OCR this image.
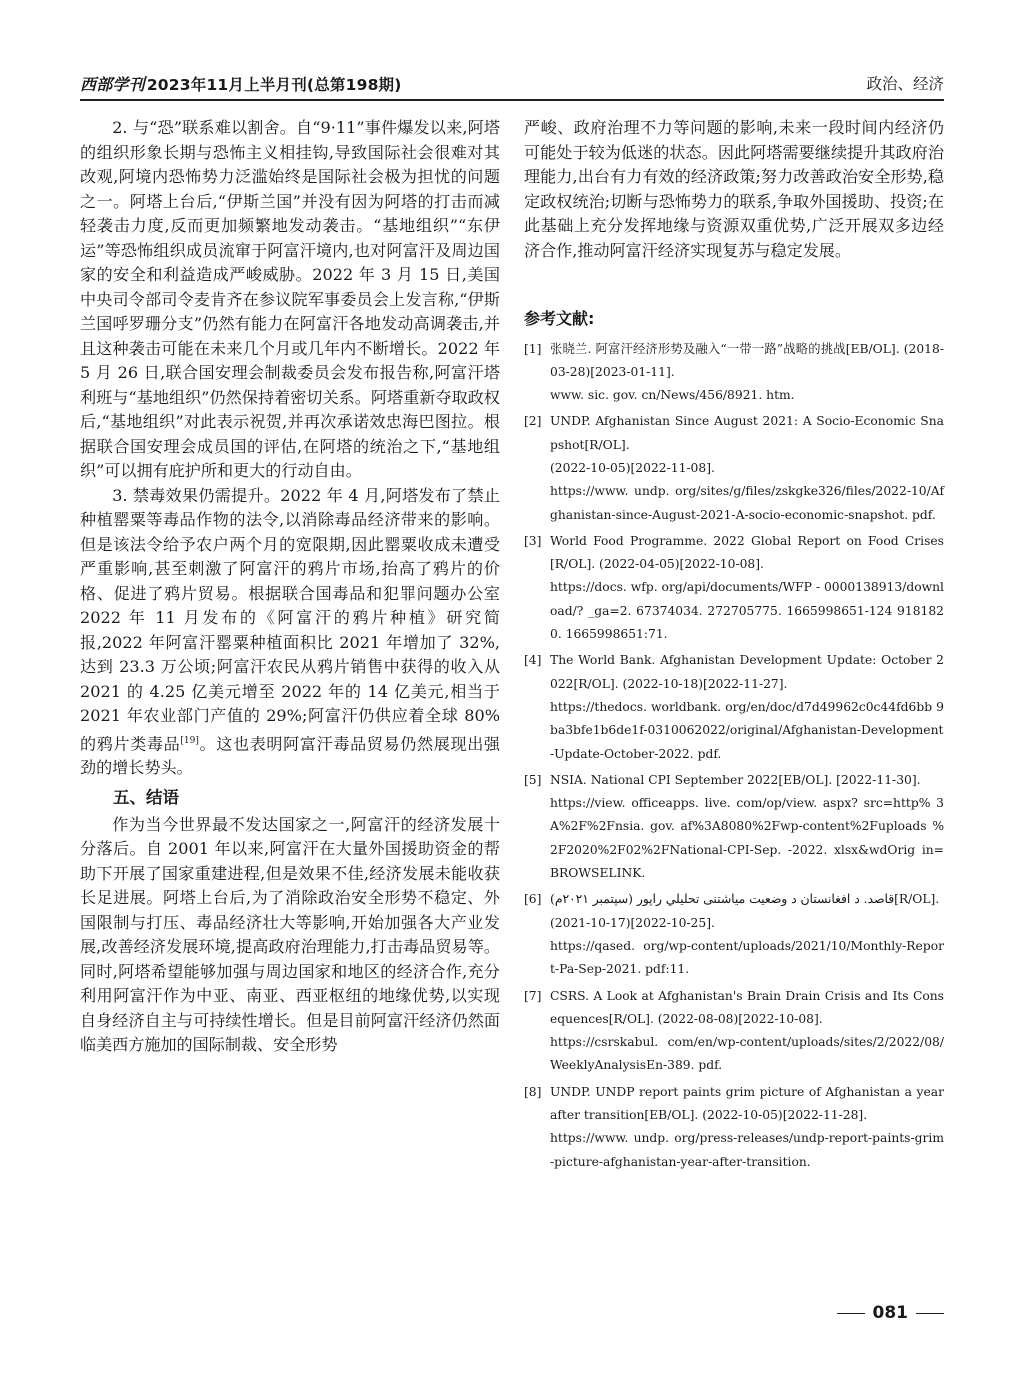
西部学刊 2023年11月上半月刊(总第198期)	政治、经济

2. 与“恐”联系难以割舍。自“9·11”事件爆发以来,阿塔的组织形象长期与恐怖主义相挂钩,导致国际社会很难对其改观,阿境内恐怖势力泛滥始终是国际社会极为担忧的问题之一。阿塔上台后,“伊斯兰国”并没有因为阿塔的打击而减轻袭击力度,反而更加频繁地发动袭击。“基地组织”“东伊运”等恐怖组织成员流窜于阿富汗境内,也对阿富汗及周边国家的安全和利益造成严峻威胁。2022 年 3 月 15 日,美国中央司令部司令麦肯齐在参议院军事委员会上发言称,“伊斯兰国呼罗珊分支”仍然有能力在阿富汗各地发动高调袭击,并且这种袭击可能在未来几个月或几年内不断增长。2022 年 5 月 26 日,联合国安理会制裁委员会发布报告称,阿富汗塔利班与“基地组织”仍然保持着密切关系。阿塔重新夺取政权后,“基地组织”对此表示祝贺,并再次承诺效忠海巴图拉。根据联合国安理会成员国的评估,在阿塔的统治之下,“基地组织”可以拥有庇护所和更大的行动自由。

3. 禁毒效果仍需提升。2022 年 4 月,阿塔发布了禁止种植罂粟等毒品作物的法令,以消除毒品经济带来的影响。但是该法令给予农户两个月的宽限期,因此罂粟收成未遭受严重影响,甚至刺激了阿富汗的鸦片市场,抬高了鸦片的价格、促进了鸦片贸易。根据联合国毒品和犯罪问题办公室 2022 年 11 月发布的《阿富汗的鸦片种植》研究简报,2022 年阿富汗罂粟种植面积比 2021 年增加了 32%,达到 23.3 万公顷;阿富汗农民从鸦片销售中获得的收入从 2021 的 4.25 亿美元增至 2022 年的 14 亿美元,相当于 2021 年农业部门产值的 29%;阿富汗仍供应着全球 80%的鸦片类毒品[19]。这也表明阿富汗毒品贸易仍然展现出强劲的增长势头。

五、结语

作为当今世界最不发达国家之一,阿富汗的经济发展十分落后。自 2001 年以来,阿富汗在大量外国援助资金的帮助下开展了国家重建进程,但是效果不佳,经济发展未能收获长足进展。阿塔上台后,为了消除政治安全形势不稳定、外国限制与打压、毒品经济壮大等影响,开始加强各大产业发展,改善经济发展环境,提高政府治理能力,打击毒品贸易等。同时,阿塔希望能够加强与周边国家和地区的经济合作,充分利用阿富汗作为中亚、南亚、西亚枢纽的地缘优势,以实现自身经济自主与可持续性增长。但是目前阿富汗经济仍然面临美西方施加的国际制裁、安全形势

严峻、政府治理不力等问题的影响,未来一段时间内经济仍可能处于较为低迷的状态。因此阿塔需要继续提升其政府治理能力,出台有力有效的经济政策;努力改善政治安全形势,稳定政权统治;切断与恐怖势力的联系,争取外国援助、投资;在此基础上充分发挥地缘与资源双重优势,广泛开展双多边经济合作,推动阿富汗经济实现复苏与稳定发展。

参考文献:
[1] 张晓兰. 阿富汗经济形势及融入“一带一路”战略的挑战[EB/OL]. (2018-03-28)[2023-01-11].
www. sic. gov. cn/News/456/8921. htm.
[2] UNDP. Afghanistan Since August 2021: A Socio-Economic Snapshot[R/OL].
(2022-10-05)[2022-11-08].
https://www. undp. org/sites/g/files/zskgke326/files/2022-10/Afghanistan-since-August-2021-A-socio-economic-snapshot. pdf.
[3] World Food Programme. 2022 Global Report on Food Crises [R/OL]. (2022-04-05)[2022-10-08].
https://docs. wfp. org/api/documents/WFP - 0000138913/download/? _ga=2. 67374034. 272705775. 1665998651-124 9181820. 1665998651:71.
[4] The World Bank. Afghanistan Development Update: October 2022[R/OL]. (2022-10-18)[2022-11-27].
https://thedocs. worldbank. org/en/doc/d7d49962c0c44fd6bb 9ba3bfe1b6de1f-0310062022/original/Afghanistan-Development-Update-October-2022. pdf.
[5] NSIA. National CPI September 2022[EB/OL]. [2022-11-30].
https://view. officeapps. live. com/op/view. aspx? src=http% 3A%2F%2Fnsia. gov. af%3A8080%2Fwp-content%2Fuploads %2F2020%2F02%2FNational-CPI-Sep. -2022. xlsx&wdOrig in=BROWSELINK.
[6] (سپتمبر ۲۰۲۱م) قاصد. د افغانستان د وضعیت میاشتنی تحلیلي راپور[R/OL].
(2021-10-17)[2022-10-25].
https://qased. org/wp-content/uploads/2021/10/Monthly-Report-Pa-Sep-2021. pdf:11.
[7] CSRS. A Look at Afghanistan's Brain Drain Crisis and Its Consequences[R/OL]. (2022-08-08)[2022-10-08].
https://csrskabul. com/en/wp-content/uploads/sites/2/2022/08/WeeklyAnalysisEn-389. pdf.
[8] UNDP. UNDP report paints grim picture of Afghanistan a year after transition[EB/OL]. (2022-10-05)[2022-11-28].
https://www. undp. org/press-releases/undp-report-paints-grim-picture-afghanistan-year-after-transition.
081
